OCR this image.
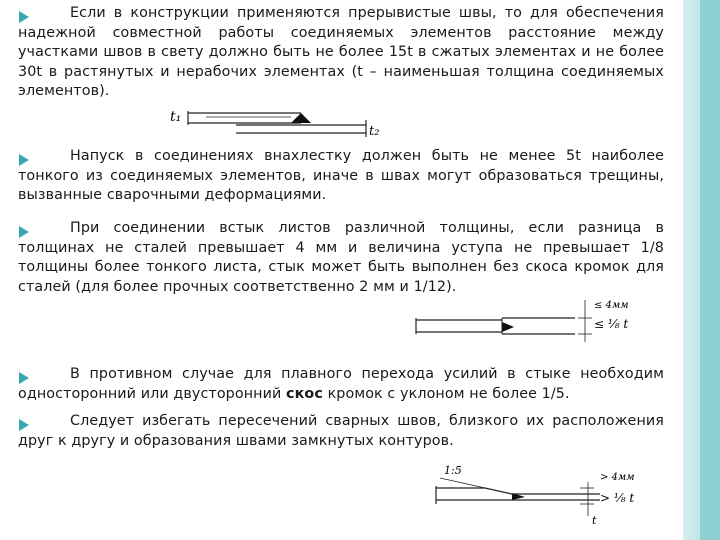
Если в конструкции применяются прерывистые швы, то для обеспечения надежной совместной работы соединяемых элементов расстояние между участками швов в свету должно быть не более 15t в сжатых элементах и не более 30t в растянутых и нерабочих элементах (t – наименьшая толщина соединяемых элементов).
t₁
t₂
Напуск в соединениях внахлестку должен быть не менее 5t наиболее тонкого из соединяемых элементов, иначе в швах могут образоваться трещины, вызванные сварочными деформациями.
При соединении встык листов различной толщины, если разница в толщинах не сталей превышает 4 мм и величина уступа не превышает 1/8 толщины более тонкого листа, стык может быть выполнен без скоса кромок для сталей (для более прочных соответственно 2 мм и 1/12).
≤ 4мм
≤ ⅛ t
В противном случае для плавного перехода усилий в стыке необходим односторонний или двусторонний скос кромок с уклоном не более 1/5.
Следует избегать пересечений сварных швов, близкого их расположения друг к другу и образования швами замкнутых контуров.
1:5
> 4мм
> ⅛ t
t
